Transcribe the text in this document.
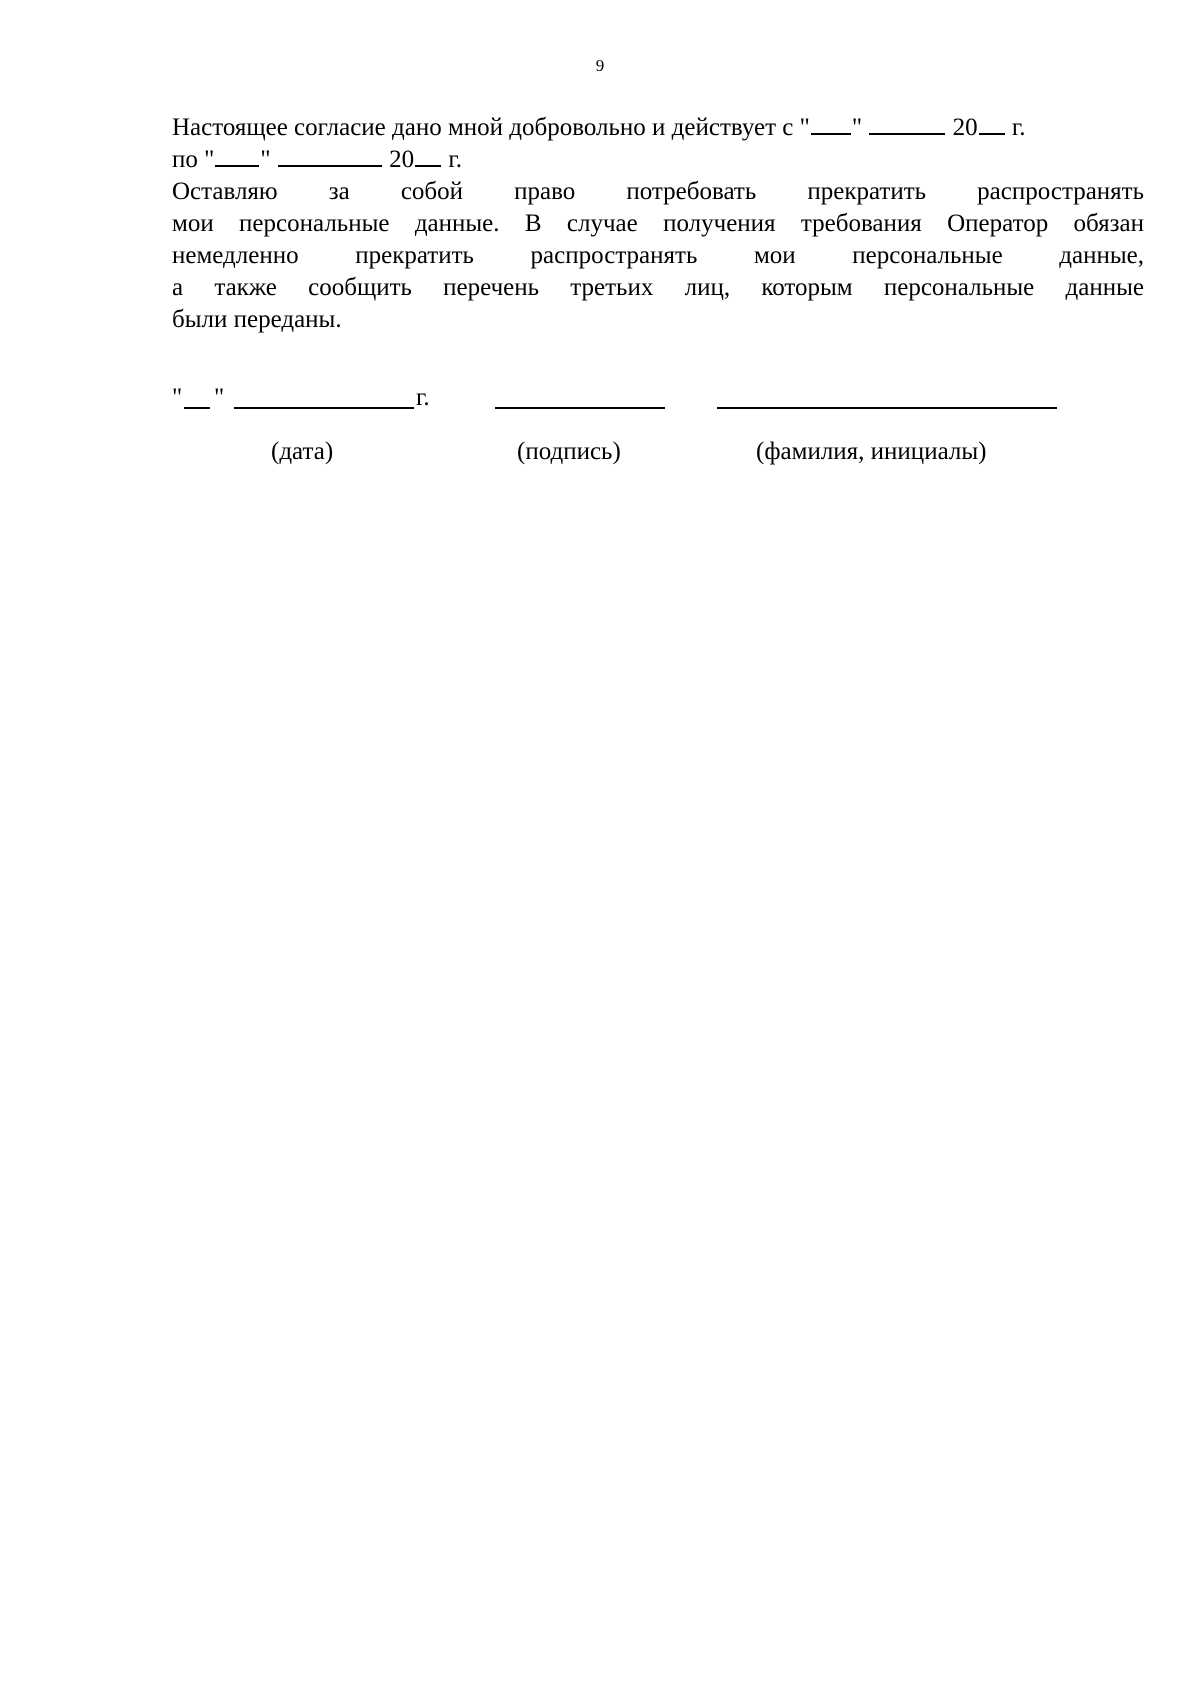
9
Настоящее согласие дано мной добровольно и действует с " "	20 г.
по " "	20 г.
Оставляю за собой право потребовать прекратить распространять
мои персональные данные. В случае получения требования Оператор обязан
немедленно прекратить распространять мои персональные данные,
а также сообщить перечень третьих лиц, которым персональные данные
были переданы.
" "	г.
(дата)	(подпись)	(фамилия, инициалы)
